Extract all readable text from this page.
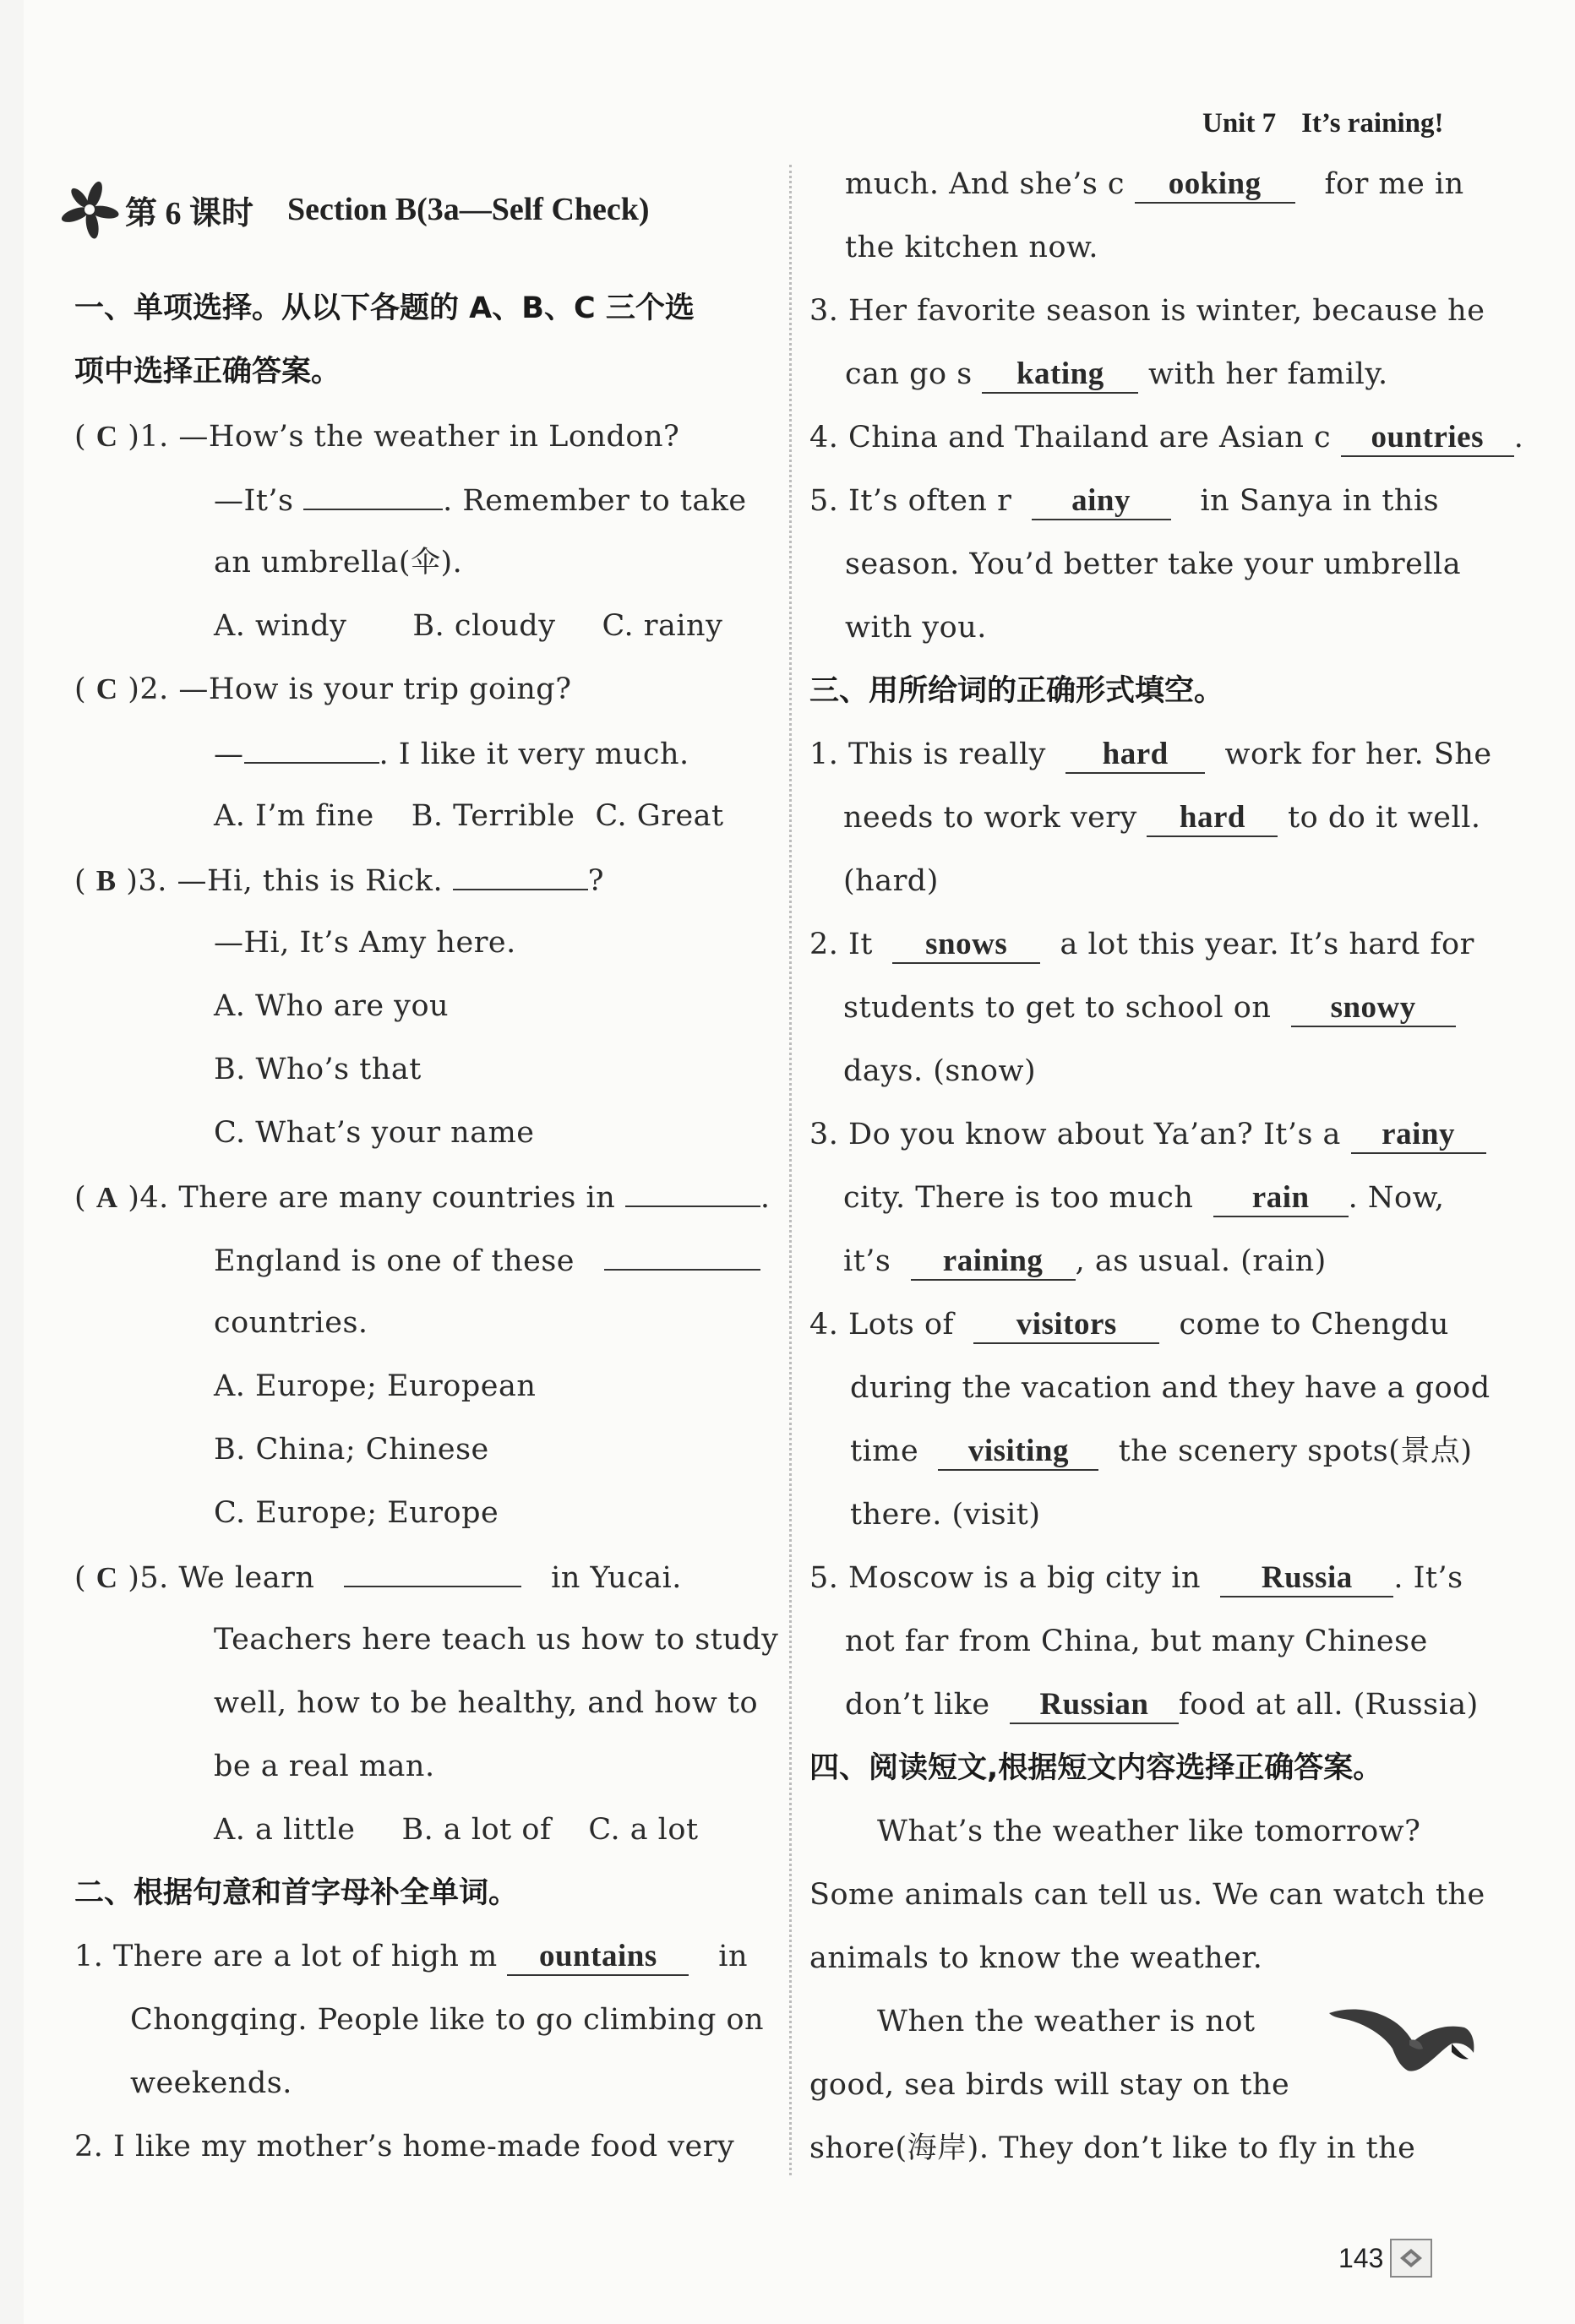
Unit 7 It’s raining!
第 6 课时 Section B(3a—Self Check)
一、单项选择。从以下各题的 A、B、C 三个选
项中选择正确答案。
( C )1. —How’s the weather in London?
—It’s	. Remember to take
an umbrella(伞).
A. windy B. cloudy C. rainy
( C )2. —How is your trip going?
—	. I like it very much.
A. I’m fine B. Terrible C. Great
( B )3. —Hi, this is Rick.	?
—Hi, It’s Amy here.
A. Who are you
B. Who’s that
C. What’s your name
( A )4. There are many countries in	.
England is one of these
countries.
A. Europe; European
B. China; Chinese
C. Europe; Europe
( C )5. We learn	in Yucai.
Teachers here teach us how to study
well, how to be healthy, and how to
be a real man.
A. a little B. a lot of C. a lot
二、根据句意和首字母补全单词。
1. There are a lot of high m ountains in
Chongqing. People like to go climbing on
weekends.
2. I like my mother’s home-made food very
much. And she’s c ooking for me in
the kitchen now.
3. Her favorite season is winter, because he
can go s kating with her family.
4. China and Thailand are Asian c ountries .
5. It’s often r ainy in Sanya in this
season. You’d better take your umbrella
with you.
三、用所给词的正确形式填空。
1. This is really hard work for her. She
needs to work very hard to do it well.
(hard)
2. It snows a lot this year. It’s hard for
students to get to school on snowy
days. (snow)
3. Do you know about Ya’an? It’s a rainy
city. There is too much rain . Now,
it’s raining , as usual. (rain)
4. Lots of visitors come to Chengdu
during the vacation and they have a good
time visiting the scenery spots(景点)
there. (visit)
5. Moscow is a big city in Russia . It’s
not far from China, but many Chinese
don’t like Russian food at all. (Russia)
四、阅读短文,根据短文内容选择正确答案。
What’s the weather like tomorrow?
Some animals can tell us. We can watch the
animals to know the weather.
When the weather is not
good, sea birds will stay on the
shore(海岸). They don’t like to fly in the
143
